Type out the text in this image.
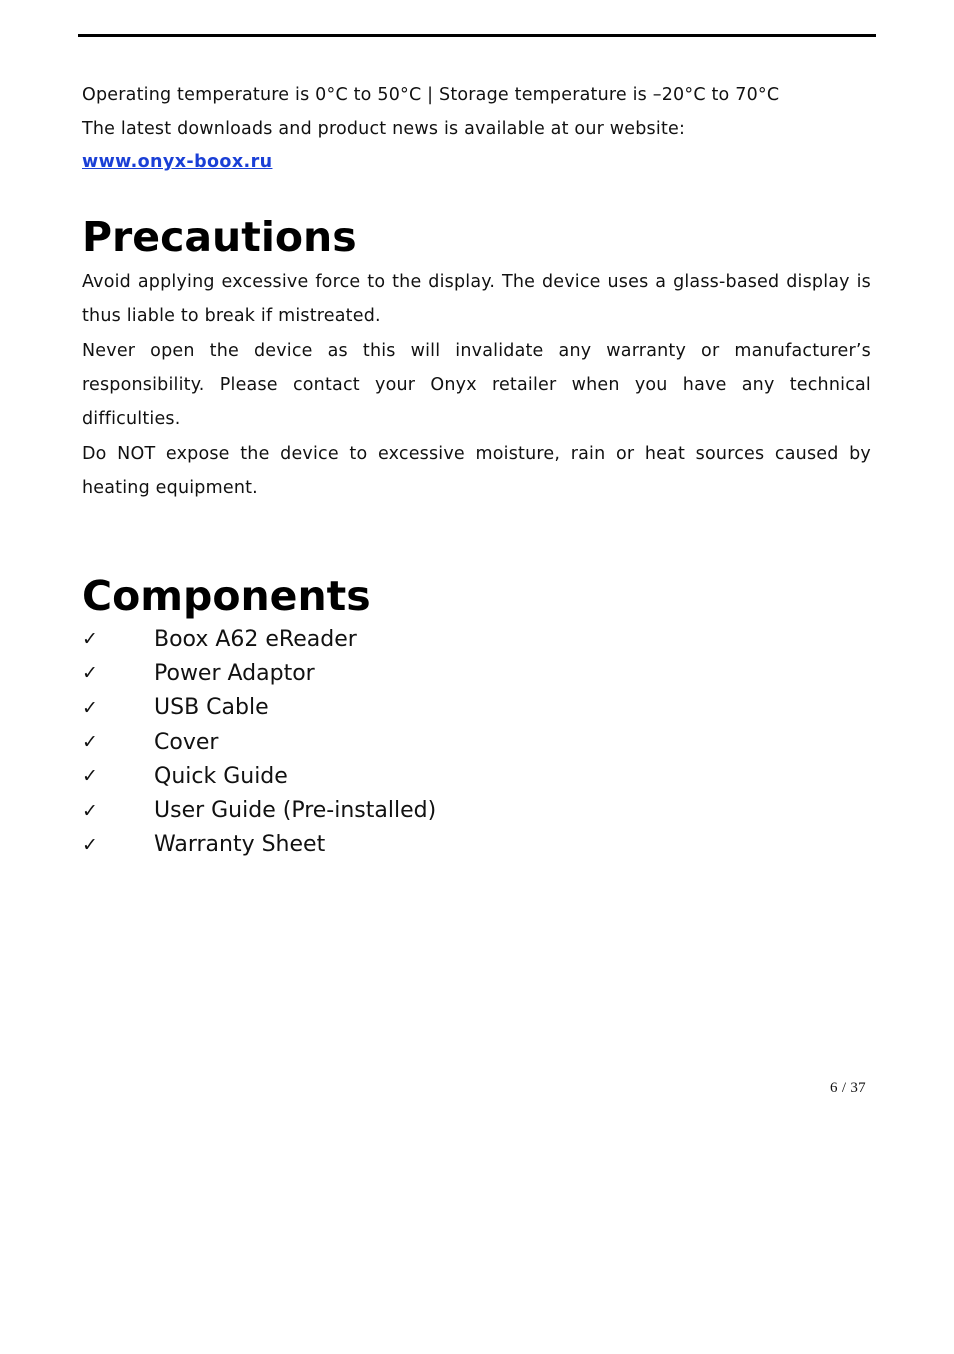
Operating temperature is 0°C to 50°C | Storage temperature is –20°C to 70°C
The latest downloads and product news is available at our website:
www.onyx-boox.ru
Precautions

Avoid applying excessive force to the display. The device uses a glass-based display is thus liable to break if mistreated.

Never open the device as this will invalidate any warranty or manufacturer’s responsibility. Please contact your Onyx retailer when you have any technical difficulties.

Do NOT expose the device to excessive moisture, rain or heat sources caused by heating equipment.

Components
✓	Boox A62 eReader
✓	Power Adaptor
✓	USB Cable
✓	Cover
✓	Quick Guide
✓	User Guide (Pre-installed)
✓	Warranty Sheet
6 / 37
